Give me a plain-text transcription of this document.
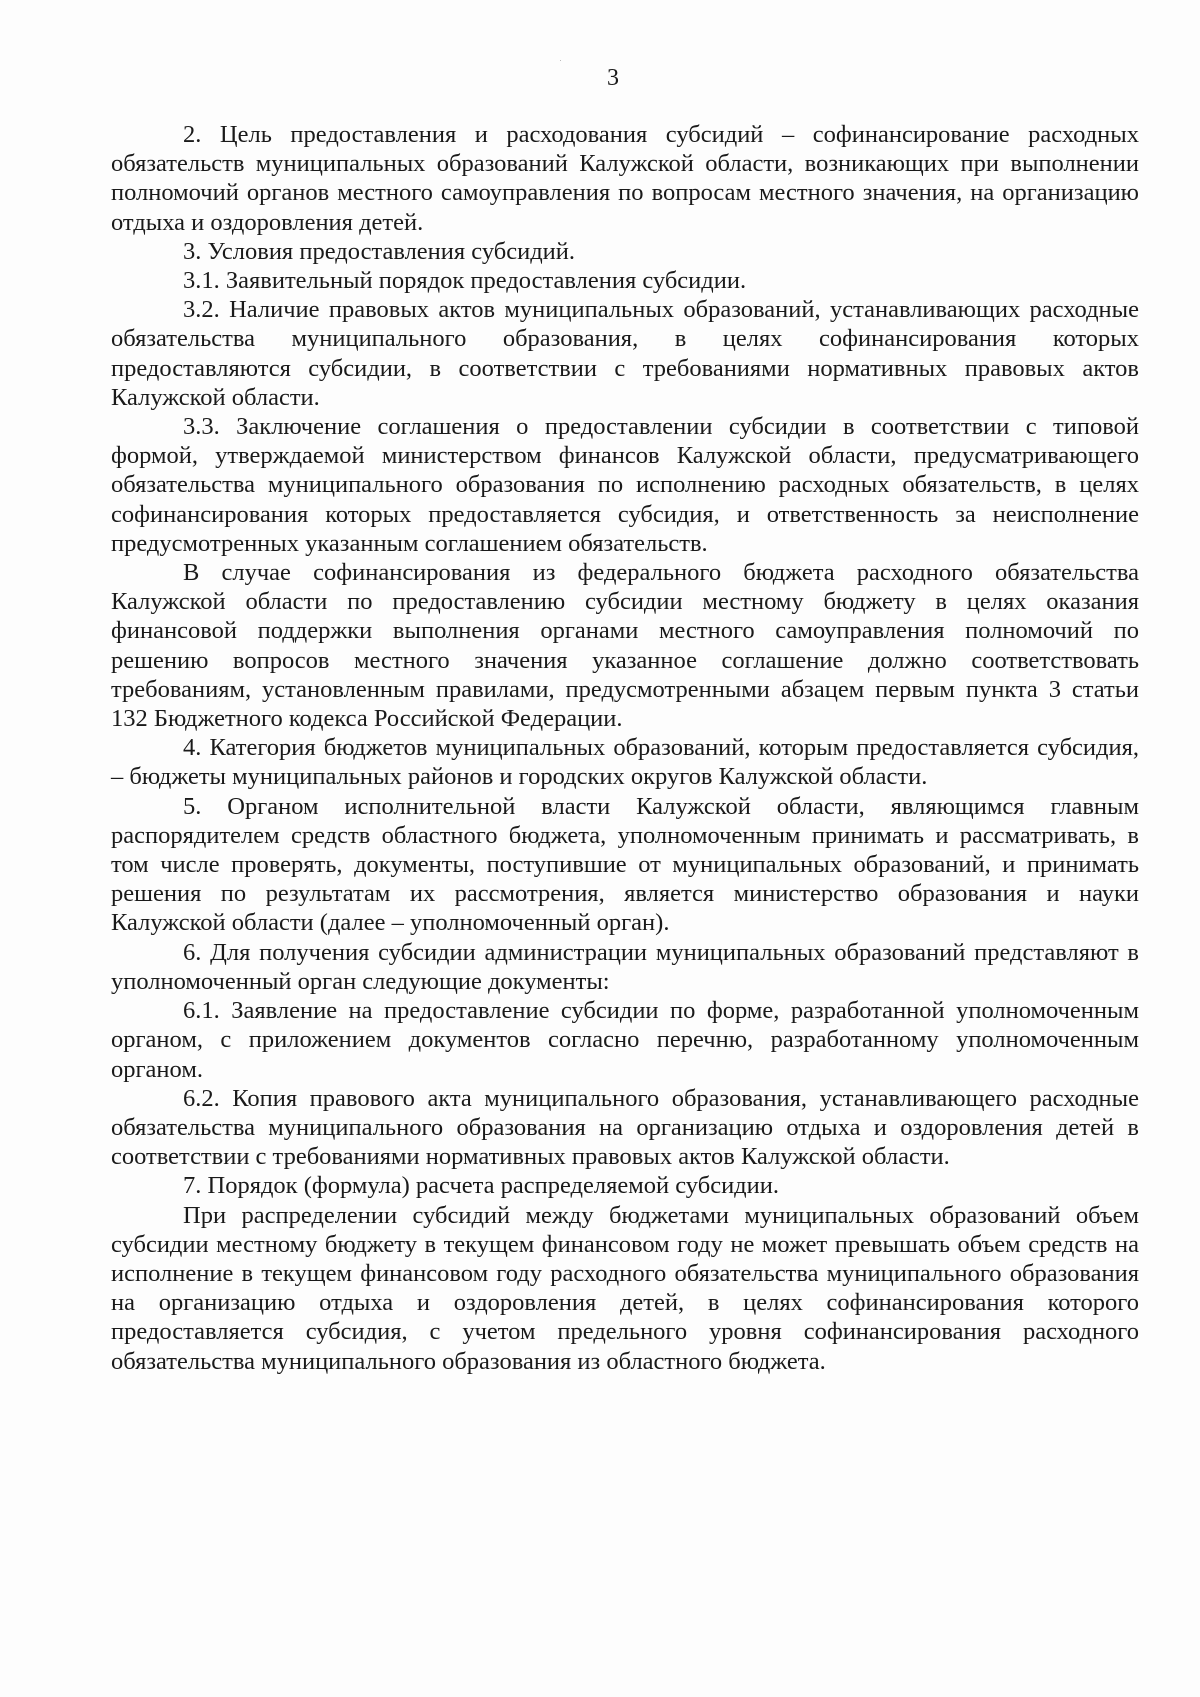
3

2. Цель предоставления и расходования субсидий – софинансирование расходных обязательств муниципальных образований Калужской области, возникающих при выполнении полномочий органов местного самоуправления по вопросам местного значения, на организацию отдыха и оздоровления детей.

3. Условия предоставления субсидий.

3.1. Заявительный порядок предоставления субсидии.

3.2. Наличие правовых актов муниципальных образований, устанавливающих расходные обязательства муниципального образования, в целях софинансирования которых предоставляются субсидии, в соответствии с требованиями нормативных правовых актов Калужской области.

3.3. Заключение соглашения о предоставлении субсидии в соответствии с типовой формой, утверждаемой министерством финансов Калужской области, предусматривающего обязательства муниципального образования по исполнению расходных обязательств, в целях софинансирования которых предоставляется субсидия, и ответственность за неисполнение предусмотренных указанным соглашением обязательств.

В случае софинансирования из федерального бюджета расходного обязательства Калужской области по предоставлению субсидии местному бюджету в целях оказания финансовой поддержки выполнения органами местного самоуправления полномочий по решению вопросов местного значения указанное соглашение должно соответствовать требованиям, установленным правилами, предусмотренными абзацем первым пункта 3 статьи 132 Бюджетного кодекса Российской Федерации.

4. Категория бюджетов муниципальных образований, которым предоставляется субсидия, – бюджеты муниципальных районов и городских округов Калужской области.

5. Органом исполнительной власти Калужской области, являющимся главным распорядителем средств областного бюджета, уполномоченным принимать и рассматривать, в том числе проверять, документы, поступившие от муниципальных образований, и принимать решения по результатам их рассмотрения, является министерство образования и науки Калужской области (далее – уполномоченный орган).

6. Для получения субсидии администрации муниципальных образований представляют в уполномоченный орган следующие документы:

6.1. Заявление на предоставление субсидии по форме, разработанной уполномоченным органом, с приложением документов согласно перечню, разработанному уполномоченным органом.

6.2. Копия правового акта муниципального образования, устанавливающего расходные обязательства муниципального образования на организацию отдыха и оздоровления детей в соответствии с требованиями нормативных правовых актов Калужской области.

7. Порядок (формула) расчета распределяемой субсидии.

При распределении субсидий между бюджетами муниципальных образований объем субсидии местному бюджету в текущем финансовом году не может превышать объем средств на исполнение в текущем финансовом году расходного обязательства муниципального образования на организацию отдыха и оздоровления детей, в целях софинансирования которого предоставляется субсидия, с учетом предельного уровня софинансирования расходного обязательства муниципального образования из областного бюджета.
